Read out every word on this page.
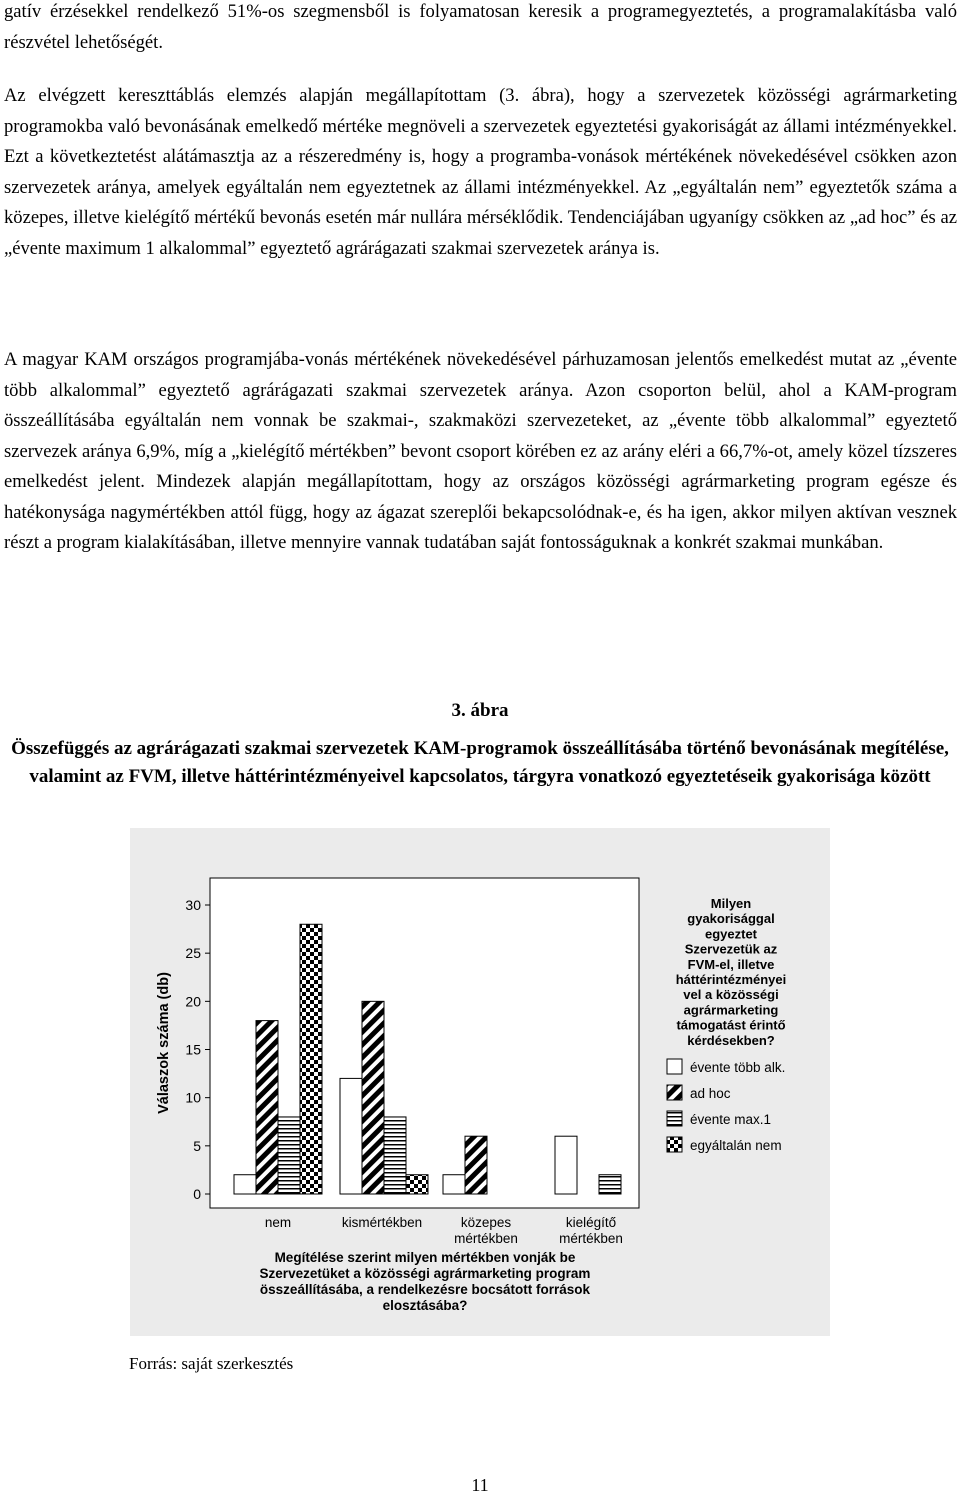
gatív érzésekkel rendelkező 51%-os szegmensből is folyamatosan keresik a programegyeztetés, a programalakításba való részvétel lehetőségét.

Az elvégzett kereszttáblás elemzés alapján megállapítottam (3. ábra), hogy a szervezetek közösségi agrármarketing programokba való bevonásának emelkedő mértéke megnöveli a szervezetek egyeztetési gyakoriságát az állami intézményekkel. Ezt a következtetést alátámasztja az a részeredmény is, hogy a programba-vonások mértékének növekedésével csökken azon szervezetek aránya, amelyek egyáltalán nem egyeztetnek az állami intézményekkel. Az „egyáltalán nem” egyeztetők száma a közepes, illetve kielégítő mértékű bevonás esetén már nullára mérséklődik. Tendenciájában ugyanígy csökken az „ad hoc” és az „évente maximum 1 alkalommal” egyeztető agrárágazati szakmai szervezetek aránya is.

A magyar KAM országos programjába-vonás mértékének növekedésével párhuzamosan jelentős emelkedést mutat az „évente több alkalommal” egyeztető agrárágazati szakmai szervezetek aránya. Azon csoporton belül, ahol a KAM-program összeállításába egyáltalán nem vonnak be szakmai-, szakmaközi szervezeteket, az „évente több alkalommal” egyeztető szervezek aránya 6,9%, míg a „kielégítő mértékben” bevont csoport körében ez az arány eléri a 66,7%-ot, amely közel tízszeres emelkedést jelent. Mindezek alapján megállapítottam, hogy az országos közösségi agrármarketing program egésze és hatékonysága nagymértékben attól függ, hogy az ágazat szereplői bekapcsolódnak-e, és ha igen, akkor milyen aktívan vesznek részt a program kialakításában, illetve mennyire vannak tudatában saját fontosságuknak a konkrét szakmai munkában.

3. ábra
Összefüggés az agrárágazati szakmai szervezetek KAM-programok összeállításába történő bevonásának megítélése, valamint az FVM, illetve háttérintézményeivel kapcsolatos, tárgyra vonatkozó egyeztetéseik gyakorisága között
0
5
10
15
20
25
30
Válaszok száma (db)
nem	kismértékben	közepes
mértékben
kielégítő
mértékben
Megítélése szerint milyen mértékben vonják be
Szervezetüket a közösségi agrármarketing program
összeállításába, a rendelkezésre bocsátott források
elosztásába?
Milyen
gyakorisággal
egyeztet
Szervezetük az
FVM-el, illetve
háttérintézményei
vel a közösségi
agrármarketing
támogatást érintő
kérdésekben?
évente több alk.
ad hoc
évente max.1
egyáltalán nem
Forrás: saját szerkesztés
11
